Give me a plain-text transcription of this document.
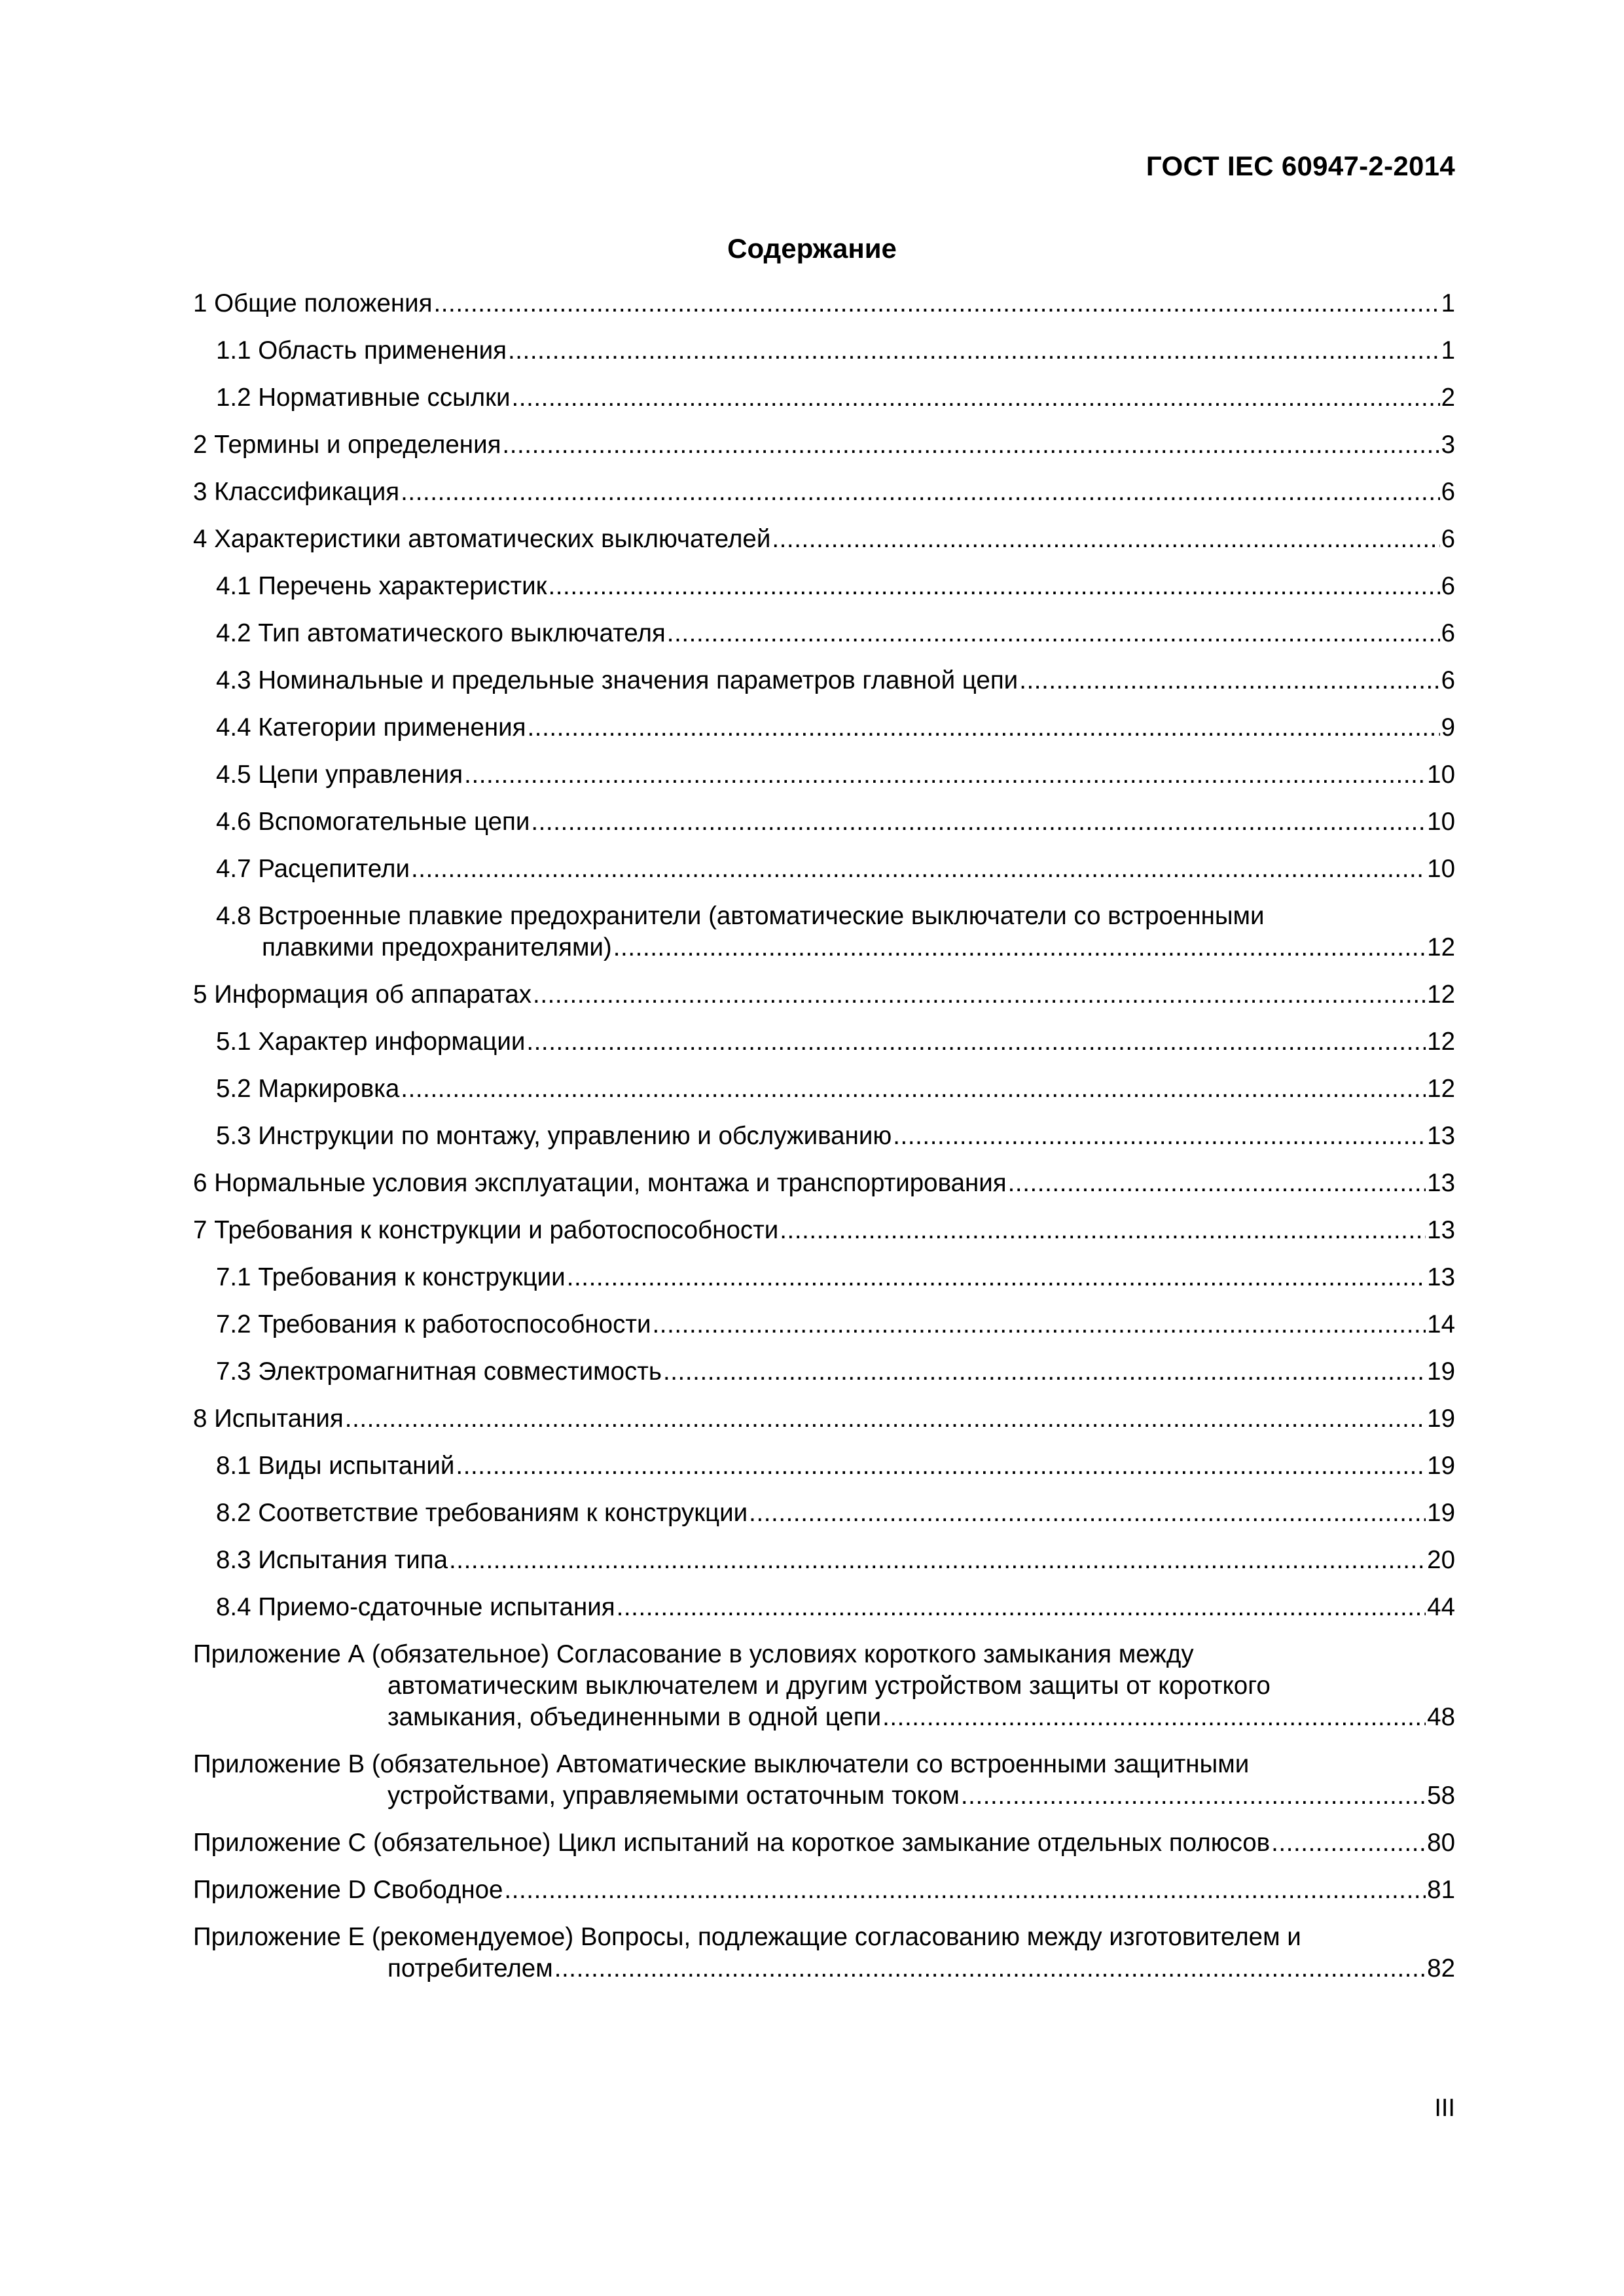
ГОСТ IEC 60947-2-2014
Содержание
1 Общие положения .....	1
1.1 Область применения .....	1
1.2 Нормативные ссылки .....	2
2 Термины и определения .....	3
3 Классификация .....	6
4 Характеристики автоматических выключателей .....	6
4.1 Перечень характеристик .....	6
4.2 Тип автоматического выключателя .....	6
4.3 Номинальные и предельные значения параметров главной цепи .....	6
4.4 Категории применения .....	9
4.5 Цепи управления .....	10
4.6 Вспомогательные цепи .....	10
4.7 Расцепители .....	10
4.8 Встроенные плавкие предохранители (автоматические выключатели со встроенными
плавкими предохранителями) .....	12
5 Информация об аппаратах .....	12
5.1 Характер информации .....	12
5.2 Маркировка .....	12
5.3 Инструкции по монтажу, управлению и обслуживанию .....	13
6 Нормальные условия эксплуатации, монтажа и транспортирования .....	13
7 Требования к конструкции и работоспособности .....	13
7.1 Требования к конструкции .....	13
7.2 Требования к работоспособности .....	14
7.3 Электромагнитная совместимость .....	19
8 Испытания .....	19
8.1 Виды испытаний .....	19
8.2 Соответствие требованиям к конструкции .....	19
8.3 Испытания типа .....	20
8.4 Приемо-сдаточные испытания .....	44
Приложение А (обязательное) Согласование в условиях короткого замыкания между автоматическим выключателем и другим устройством защиты от короткого
замыкания, объединенными в одной цепи .....	48
Приложение В (обязательное) Автоматические выключатели со встроенными защитными
устройствами, управляемыми остаточным током .....	58
Приложение С (обязательное) Цикл испытаний на короткое замыкание отдельных полюсов .....	80
Приложение D Свободное .....	81
Приложение Е (рекомендуемое) Вопросы, подлежащие согласованию между изготовителем и
потребителем .....	82
III
